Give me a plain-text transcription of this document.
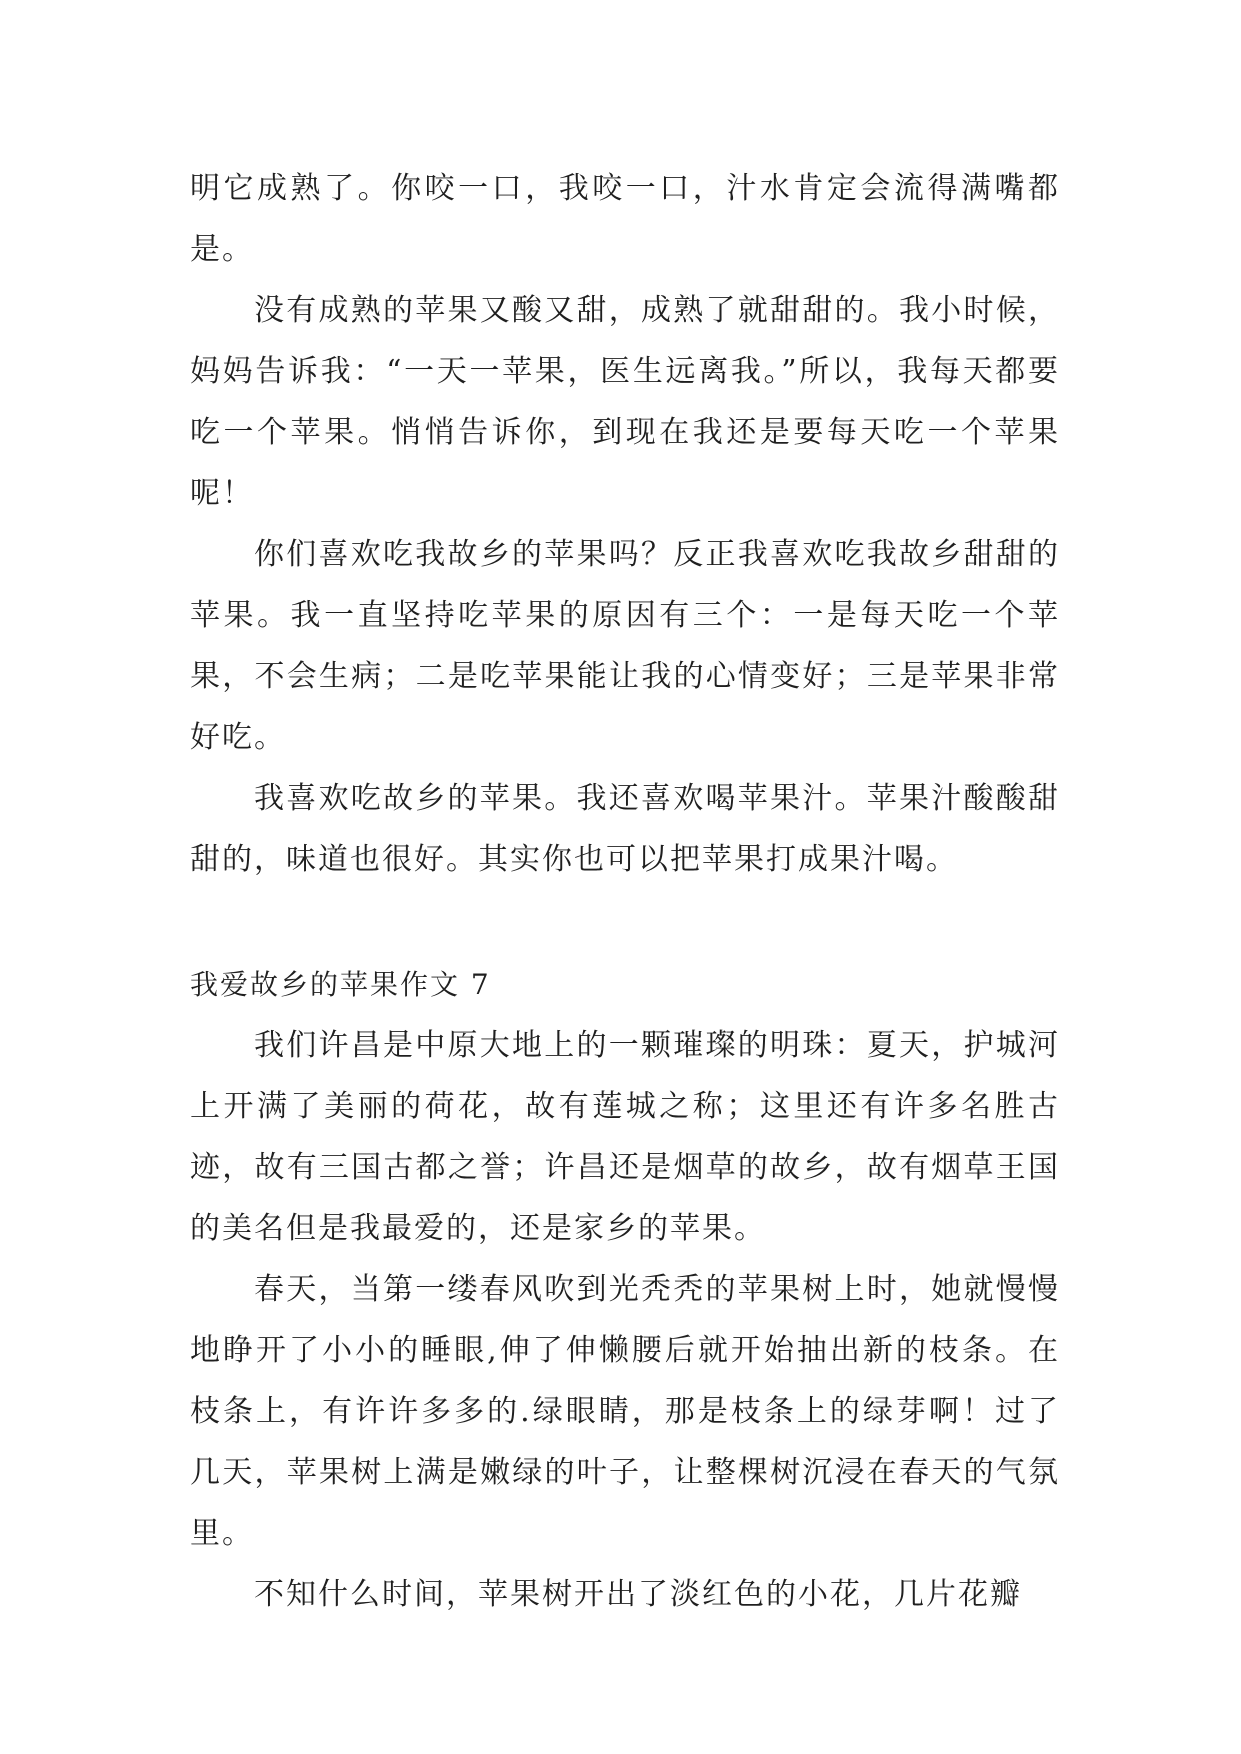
明它成熟了。你咬一口，我咬一口，汁水肯定会流得满嘴都是。

没有成熟的苹果又酸又甜，成熟了就甜甜的。我小时候，妈妈告诉我：“一天一苹果，医生远离我。”所以，我每天都要吃一个苹果。悄悄告诉你，到现在我还是要每天吃一个苹果呢！

你们喜欢吃我故乡的苹果吗？反正我喜欢吃我故乡甜甜的苹果。我一直坚持吃苹果的原因有三个：一是每天吃一个苹果，不会生病；二是吃苹果能让我的心情变好；三是苹果非常好吃。

我喜欢吃故乡的苹果。我还喜欢喝苹果汁。苹果汁酸酸甜甜的，味道也很好。其实你也可以把苹果打成果汁喝。

我爱故乡的苹果作文 7

我们许昌是中原大地上的一颗璀璨的明珠：夏天，护城河上开满了美丽的荷花，故有莲城之称；这里还有许多名胜古迹，故有三国古都之誉；许昌还是烟草的故乡，故有烟草王国的美名但是我最爱的，还是家乡的苹果。

春天，当第一缕春风吹到光秃秃的苹果树上时，她就慢慢地睁开了小小的睡眼,伸了伸懒腰后就开始抽出新的枝条。在枝条上，有许许多多的.绿眼睛，那是枝条上的绿芽啊！过了几天，苹果树上满是嫩绿的叶子，让整棵树沉浸在春天的气氛里。

不知什么时间，苹果树开出了淡红色的小花，几片花瓣
